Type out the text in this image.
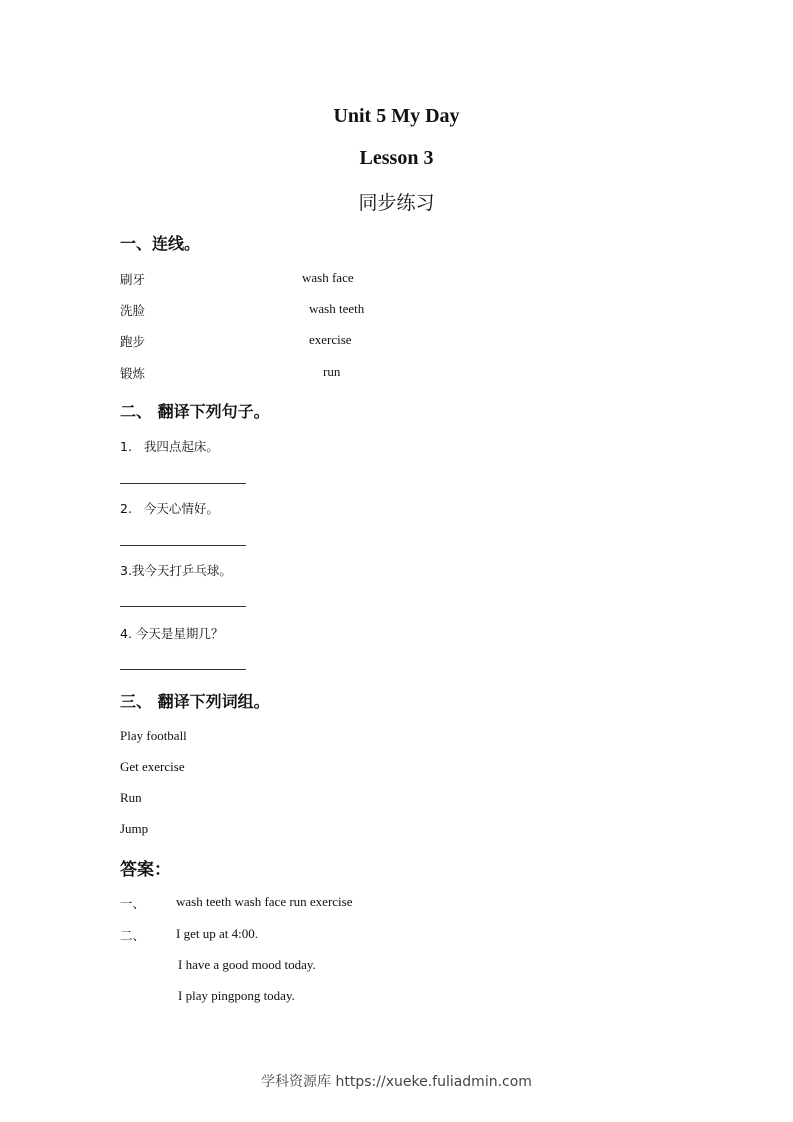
Unit 5 My Day
Lesson 3
同步练习
一、连线。
刷牙	wash face
洗脸	wash teeth
跑步	exercise
锻炼	run
二、 翻译下列句子。
1. 我四点起床。
2. 今天心情好。
3.我今天打乒乓球。
4. 今天是星期几？
三、 翻译下列词组。
Play football
Get exercise
Run
Jump
答案：
一、 wash teeth wash face run exercise
二、 I get up at 4:00.
I have a good mood today.
I play pingpong today.
学科资源库 https://xueke.fuliadmin.com
